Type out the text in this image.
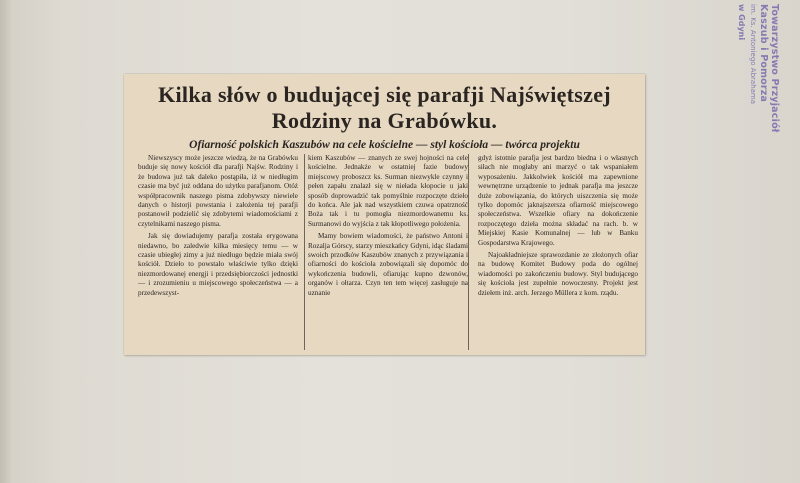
Towarzystwo Przyjaciół Kaszub i Pomorza
im. Ks. Antoniego Abrahama
w Gdyni
Kilka słów o budującej się parafji Najświętszej Rodziny na Grabówku.
Ofiarność polskich Kaszubów na cele kościelne — styl kościoła — twórca projektu

Niewszyscy może jeszcze wiedzą, że na Grabówku buduje się nowy kościół dla parafji Najśw. Rodziny i że budowa już tak daleko postąpiła, iż w niedługim czasie ma być już oddana do użytku parafjanom. Otóż współpracownik naszego pisma zdobywszy niewiele danych o historji powstania i założenia tej parafji postanowił podzielić się zdobytemi wiadomościami z czytelnikami naszego pisma.

Jak się dowiadujemy parafja została erygowana niedawno, bo zaledwie kilka miesięcy temu — w czasie ubiegłej zimy a już niedługo będzie miała swój kościół. Dzieło to powstało właściwie tylko dzięki niezmordowanej energji i przedsiębiorczości jednostki — i zrozumieniu u miejscowego społeczeństwa — a przedewszyst-

kiem Kaszubów — znanych ze swej hojności na cele kościelne. Jednakże w ostatniej fazie budowy miejscowy proboszcz ks. Surman niezwykle czynny i pełen zapału znalazł się w niełada kłopocie u jaki sposób doprowadzić tak pomyślnie rozpoczęte dzieło do końca. Ale jak nad wszystkiem czuwa opatrzność Boża tak i tu pomogła niezmordowanemu ks. Surmanowi do wyjścia z tak kłopotliwego położenia.

Mamy bowiem wiadomości, że państwo Antoni i Rozalja Górscy, starzy mieszkańcy Gdyni, idąc śladami swoich przodków Kaszubów znanych z przywiązania i ofiarności do kościoła zobowiązali się dopomóc do wykończenia budowli, ofiarując kupno dzwonów, organów i ołtarza. Czyn ten tem więcej zasługuje na uznanie

gdyż istotnie parafja jest bardzo biedna i o własnych siłach nie mogłaby ani marzyć o tak wspaniałem wyposażeniu. Jakkolwiek kościół ma zapewnione wewnętrzne urządzenie to jednak parafja ma jeszcze duże zobowiązania, do których uiszczenia się może tylko dopomóc jaknajszersza ofiarność miejscowego społeczeństwa. Wszelkie ofiary na dokończenie rozpoczętego dzieła można składać na rach. b. w Miejskiej Kasie Komunalnej — lub w Banku Gospodarstwa Krajowego.

Najoakładniejsze sprawozdanie ze złożonych ofiar na budowę Komitet Budowy poda do ogólnej wiadomości po zakończeniu budowy. Styl budującego się kościoła jest zupełnie nowoczesny. Projekt jest dziełem inż. arch. Jerzego Müllera z kom. rządu.
